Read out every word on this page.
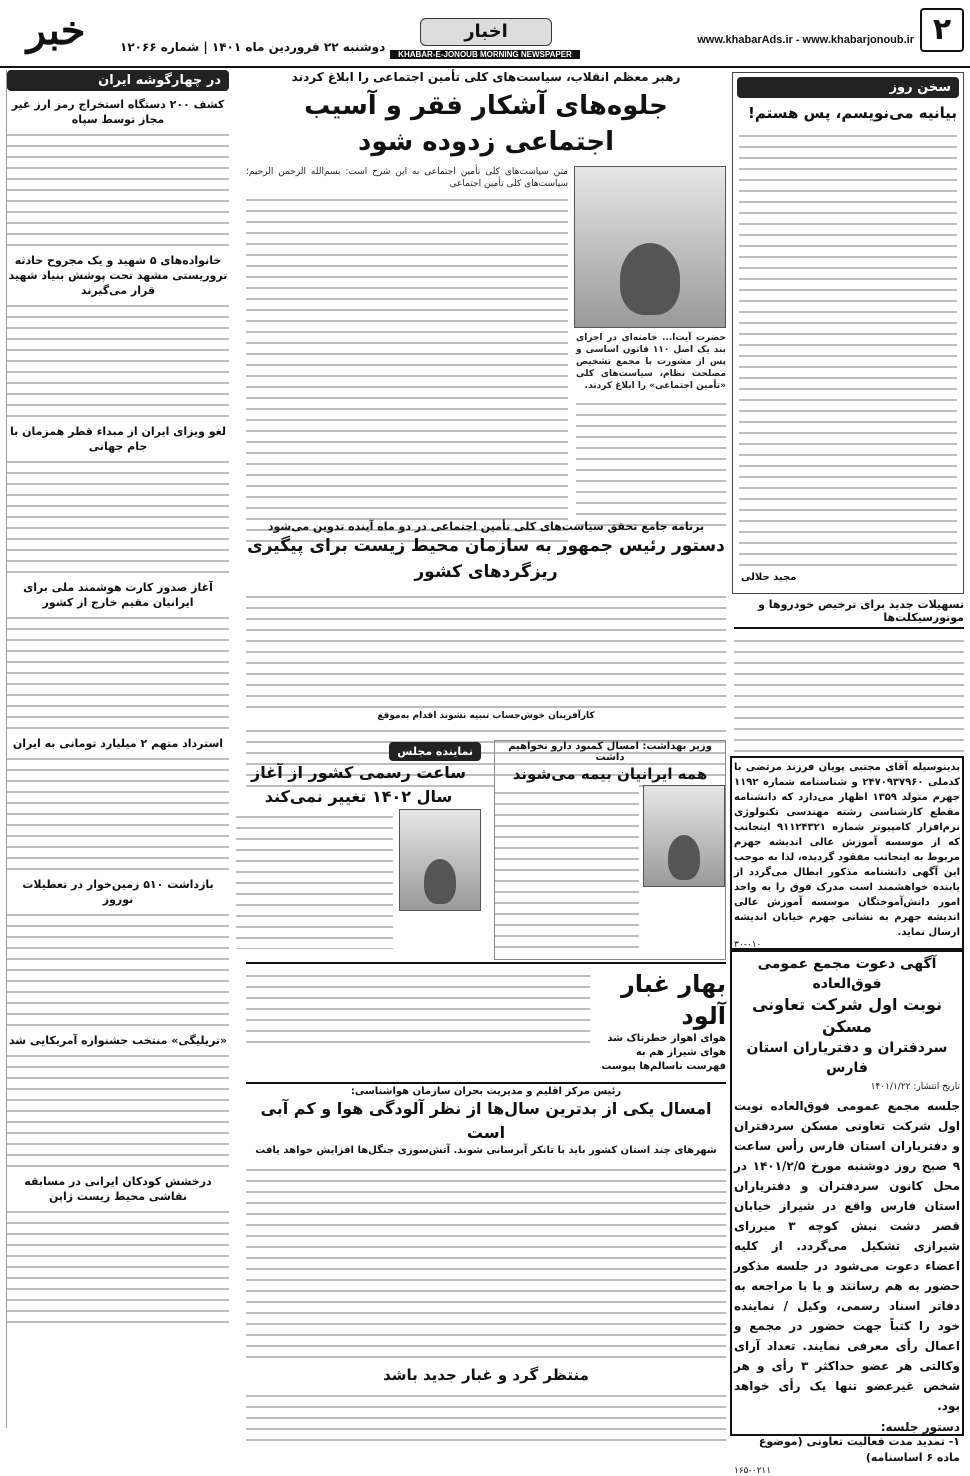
۲
www.khabarAds.ir - www.khabarjonoub.ir
اخبار
KHABAR-E-JONOUB MORNING NEWSPAPER
دوشنبه ۲۲ فروردین ماه ۱۴۰۱ | شماره ۱۲۰۶۶
خبر
سخن روز
بیانیه می‌نویسم، پس هستم!
مجید جلالی
تسهیلات جدید برای ترخیص خودروها و موتورسیکلت‌ها
بدینوسیله آقای مجتبی پویان فرزند مرتضی با کدملی ۲۴۷۰۹۳۷۹۶۰ و شناسنامه شماره ۱۱۹۲ جهرم متولد ۱۳۵۹ اظهار می‌دارد که دانشنامه مقطع کارشناسی رشته مهندسی تکنولوژی نرم‌افزار کامپیوتر شماره ۹۱۱۲۴۳۲۱ اینجانب که از موسسه آموزش عالی اندیشه جهرم مربوط به اینجانب مفقود گردیده، لذا به موجب این آگهی دانشنامه مذکور ابطال می‌گردد از یابنده خواهشمند است مدرک فوق را به واحد امور دانش‌آموختگان موسسه آموزش عالی اندیشه جهرم به نشانی جهرم خیابان اندیشه ارسال نماید.
۳۰-۰۱۰
آگهی دعوت مجمع عمومی فوق‌العاده
نوبت اول شرکت تعاونی مسکن
سردفتران و دفتریاران استان فارس
تاریخ انتشار: ۱۴۰۱/۱/۲۲
جلسه مجمع عمومی فوق‌العاده نوبت اول شرکت تعاونی مسکن سردفتران و دفتریاران استان فارس رأس ساعت ۹ صبح روز دوشنبه مورخ ۱۴۰۱/۲/۵ در محل کانون سردفتران و دفتریاران استان فارس واقع در شیراز خیابان قصر دشت نبش کوچه ۳ میرزای شیرازی تشکیل می‌گردد. از کلیه اعضاء دعوت می‌شود در جلسه مذکور حضور به هم رسانند و یا با مراجعه به دفاتر اسناد رسمی، وکیل / نماینده خود را کتباً جهت حضور در مجمع و اعمال رأی معرفی نمایند. تعداد آرای وکالتی هر عضو حداکثر ۳ رأی و هر شخص غیرعضو تنها یک رأی خواهد بود.
دستور جلسه:
۱- تمدید مدت فعالیت تعاونی (موضوع ماده ۶ اساسنامه)
۱۶۵-۰۲۱۱
رهبر معظم انقلاب، سیاست‌های کلی تأمین اجتماعی را ابلاغ کردند
جلوه‌های آشکار فقر و آسیب اجتماعی زدوده شود
حضرت آیت‌ا... خامنه‌ای در اجرای بند یک اصل ۱۱۰ قانون اساسی و پس از مشورت با مجمع تشخیص مصلحت نظام، سیاست‌های کلی «تأمین اجتماعی» را ابلاغ کردند.
متن سیاست‌های کلی تأمین اجتماعی به این شرح است: بسم‌الله الرحمن الرحیم؛ سیاست‌های کلی تأمین اجتماعی
در چهارگوشه ایران
کشف ۲۰۰ دستگاه استخراج رمز ارز غیر مجاز توسط سپاه
خانواده‌های ۵ شهید و یک مجروح حادثه تروریستی مشهد تحت پوشش بنیاد شهید قرار می‌گیرند
لغو ویزای ایران از مبداء قطر همزمان با جام جهانی
آغاز صدور کارت هوشمند ملی برای ایرانیان مقیم خارج از کشور
استرداد متهم ۲ میلیارد تومانی به ایران
بازداشت ۵۱۰ زمین‌خوار در تعطیلات نوروز
«تریلیگی» منتخب جشنواره آمریکایی شد
درخشش کودکان ایرانی در مسابقه نقاشی محیط زیست ژاپن
برنامه جامع تحقق سیاست‌های کلی تأمین اجتماعی در دو ماه آینده تدوین می‌شود
دستور رئیس جمهور به سازمان محیط زیست برای پیگیری ریزگردهای کشور
کارآفرینان خوش‌حساب تنبیه نشوند اقدام به‌موقع
نماینده مجلس
ساعت رسمی کشور از آغاز سال ۱۴۰۲ تغییر نمی‌کند
وزیر بهداشت: امسال کمبود دارو نخواهیم داشت
همه ایرانیان بیمه می‌شوند
بهار غبار آلود
هوای اهواز خطرناک شد
هوای شیراز هم به فهرست ناسالم‌ها پیوست
رئیس مرکز اقلیم و مدیریت بحران سازمان هواشناسی:
امسال یکی از بدترین سال‌ها از نظر آلودگی هوا و کم آبی است
شهرهای چند استان کشور باید با تانکر آبرسانی شوند. آتش‌سوزی جنگل‌ها افزایش خواهد یافت
منتظر گرد و غبار جدید باشد
